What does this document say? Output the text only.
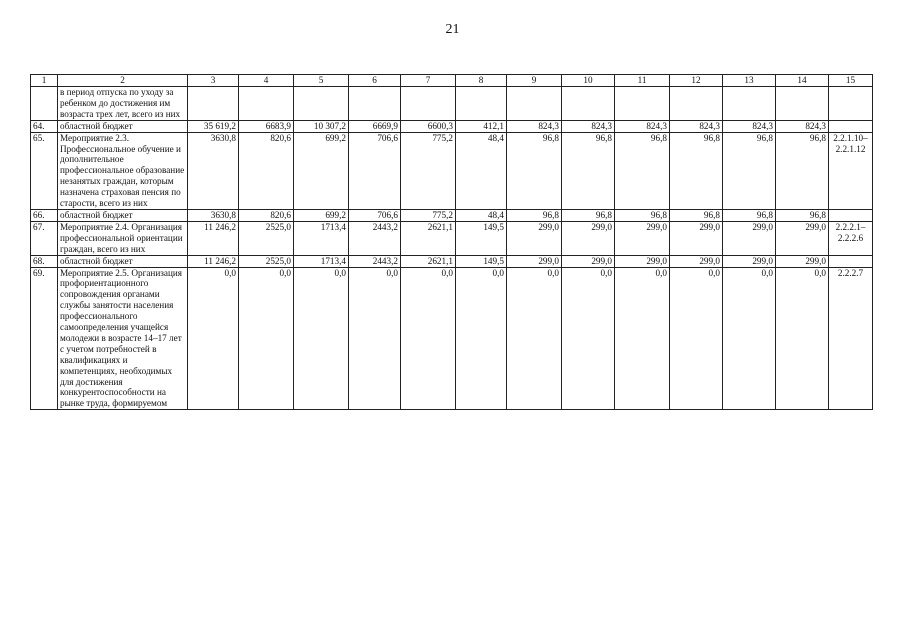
21
1	2	3	4	5	6	7	8	9	10	11	12	13	14	15
	в период отпуска по уходу за ребенком до достижения им возраста трех лет, всего из них													
64.	областной бюджет	35 619,2	6683,9	10 307,2	6669,9	6600,3	412,1	824,3	824,3	824,3	824,3	824,3	824,3	
65.	Мероприятие 2.3. Профессиональное обучение и дополнительное профессиональное образование незанятых граждан, которым назначена страховая пенсия по старости, всего из них	3630,8	820,6	699,2	706,6	775,2	48,4	96,8	96,8	96,8	96,8	96,8	96,8	2.2.1.10–2.2.1.12
66.	областной бюджет	3630,8	820,6	699,2	706,6	775,2	48,4	96,8	96,8	96,8	96,8	96,8	96,8	
67.	Мероприятие 2.4. Организация профессиональной ориентации граждан, всего из них	11 246,2	2525,0	1713,4	2443,2	2621,1	149,5	299,0	299,0	299,0	299,0	299,0	299,0	2.2.2.1–2.2.2.6
68.	областной бюджет	11 246,2	2525,0	1713,4	2443,2	2621,1	149,5	299,0	299,0	299,0	299,0	299,0	299,0	
69.	Мероприятие 2.5. Организация профориентационного сопровождения органами службы занятости населения профессионального самоопределения учащейся молодежи в возрасте 14–17 лет с учетом потребностей в квалификациях и компетенциях, необходимых для достижения конкурентоспособности на рынке труда, формируемом	0,0	0,0	0,0	0,0	0,0	0,0	0,0	0,0	0,0	0,0	0,0	0,0	2.2.2.7
